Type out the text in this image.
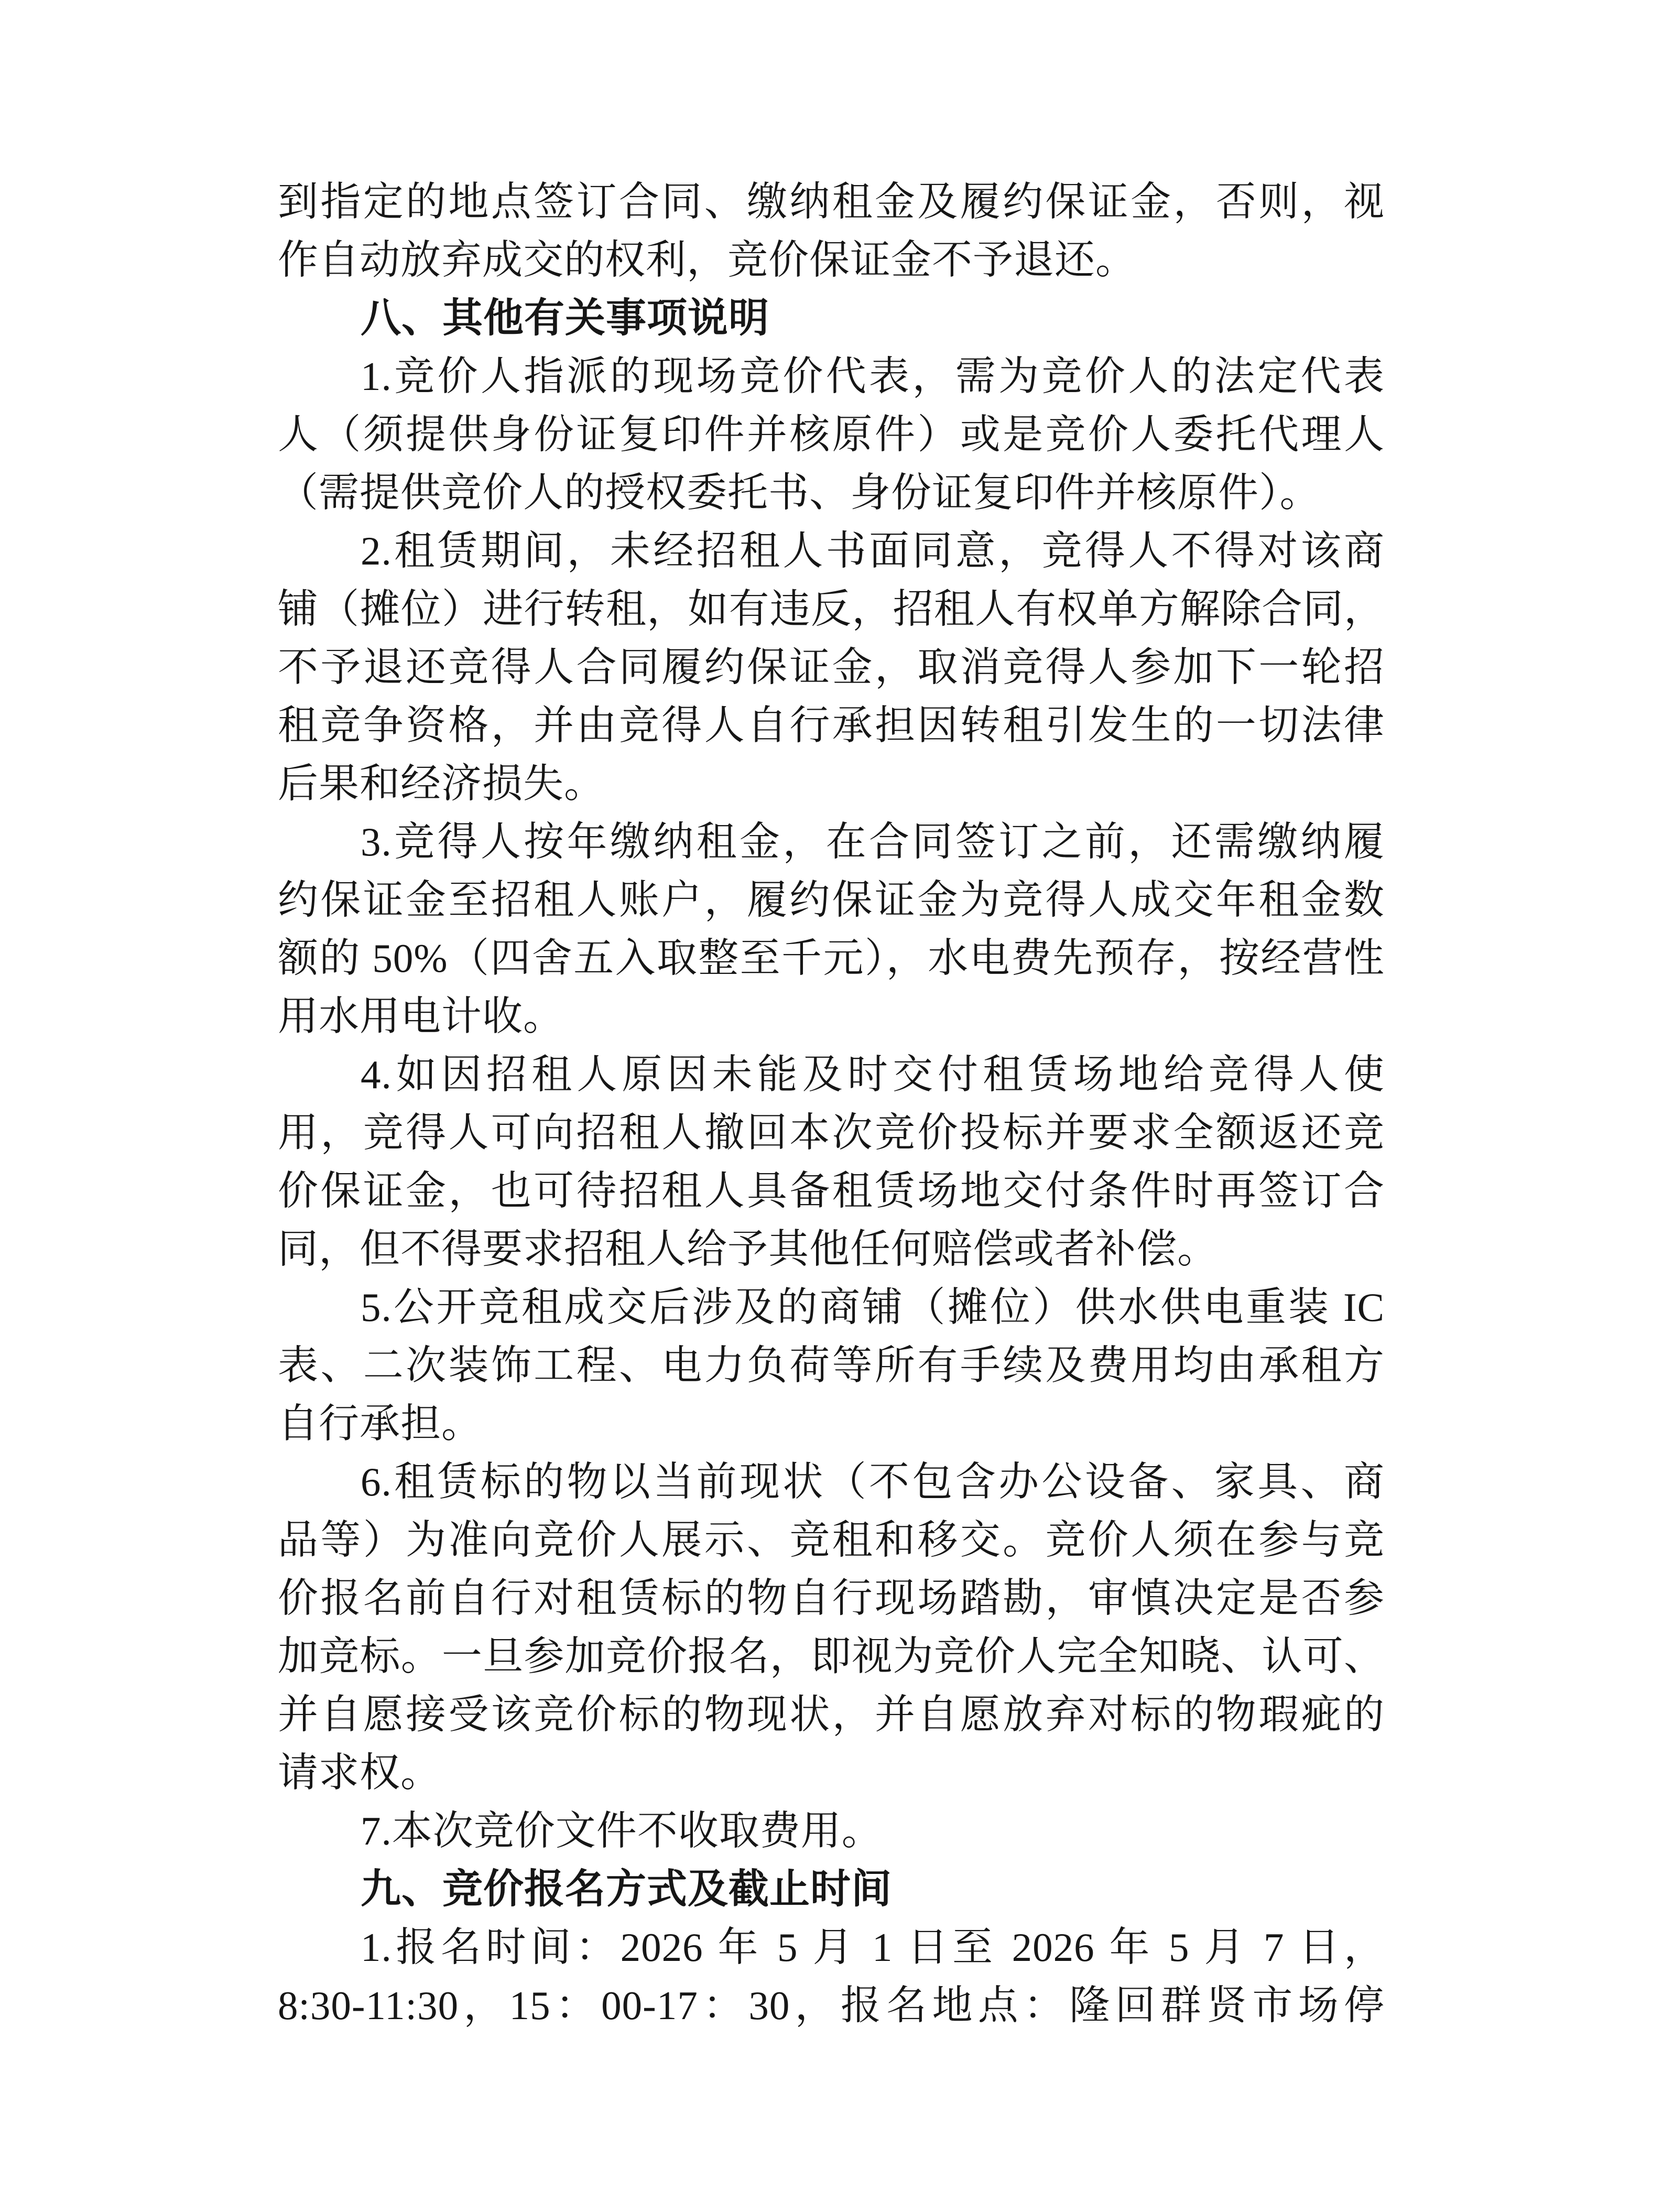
到指定的地点签订合同、缴纳租金及履约保证金，否则，视
作自动放弃成交的权利，竞价保证金不予退还。
八、其他有关事项说明
1.竞价人指派的现场竞价代表，需为竞价人的法定代表
人（须提供身份证复印件并核原件）或是竞价人委托代理人
（需提供竞价人的授权委托书、身份证复印件并核原件）。
2.租赁期间，未经招租人书面同意，竞得人不得对该商
铺（摊位）进行转租，如有违反，招租人有权单方解除合同，
不予退还竞得人合同履约保证金，取消竞得人参加下一轮招
租竞争资格，并由竞得人自行承担因转租引发生的一切法律
后果和经济损失。
3.竞得人按年缴纳租金，在合同签订之前，还需缴纳履
约保证金至招租人账户，履约保证金为竞得人成交年租金数
额的 50%（四舍五入取整至千元），水电费先预存，按经营性
用水用电计收。
4.如因招租人原因未能及时交付租赁场地给竞得人使
用，竞得人可向招租人撤回本次竞价投标并要求全额返还竞
价保证金，也可待招租人具备租赁场地交付条件时再签订合
同，但不得要求招租人给予其他任何赔偿或者补偿。
5.公开竞租成交后涉及的商铺（摊位）供水供电重装 IC
表、二次装饰工程、电力负荷等所有手续及费用均由承租方
自行承担。
6.租赁标的物以当前现状（不包含办公设备、家具、商
品等）为准向竞价人展示、竞租和移交。竞价人须在参与竞
价报名前自行对租赁标的物自行现场踏勘，审慎决定是否参
加竞标。一旦参加竞价报名，即视为竞价人完全知晓、认可、
并自愿接受该竞价标的物现状，并自愿放弃对标的物瑕疵的
请求权。
7.本次竞价文件不收取费用。
九、竞价报名方式及截止时间
1.报名时间：2026 年 5 月 1 日至 2026 年 5 月 7 日，
8:30-11:30，15：00-17：30，报名地点：隆回群贤市场停
